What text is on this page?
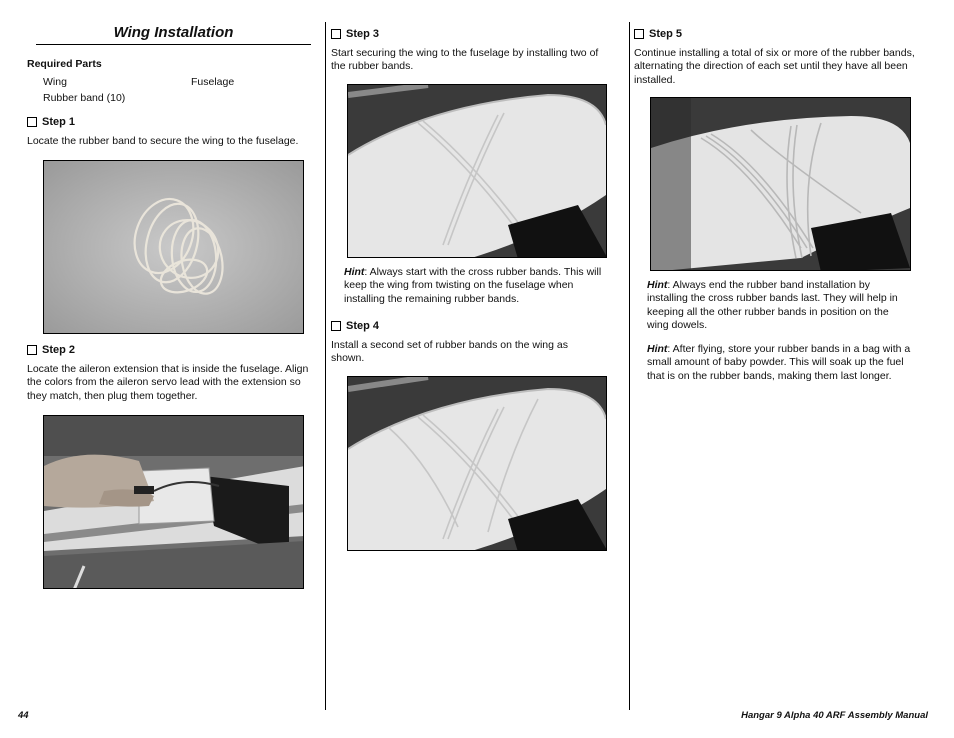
Wing Installation
Required Parts
Wing	Fuselage
Rubber band (10)
Step 1
Locate the rubber band to secure the wing to the fuselage.
Step 2
Locate the aileron extension that is inside the fuselage. Align the colors from the aileron servo lead with the extension so they match, then plug them together.
Step 3
Start securing the wing to the fuselage by installing two of the rubber bands.
Hint: Always start with the cross rubber bands. This will keep the wing from twisting on the fuselage when installing the remaining rubber bands.
Step 4
Install a second set of rubber bands on the wing as shown.
Step 5
Continue installing a total of six or more of the rubber bands, alternating the direction of each set until they have all been installed.
Hint: Always end the rubber band installation by installing the cross rubber bands last. They will help in keeping all the other rubber bands in position on the wing dowels.
Hint: After flying, store your rubber bands in a bag with a small amount of baby powder. This will soak up the fuel that is on the rubber bands, making them last longer.
44	Hangar 9 Alpha 40 ARF Assembly Manual
